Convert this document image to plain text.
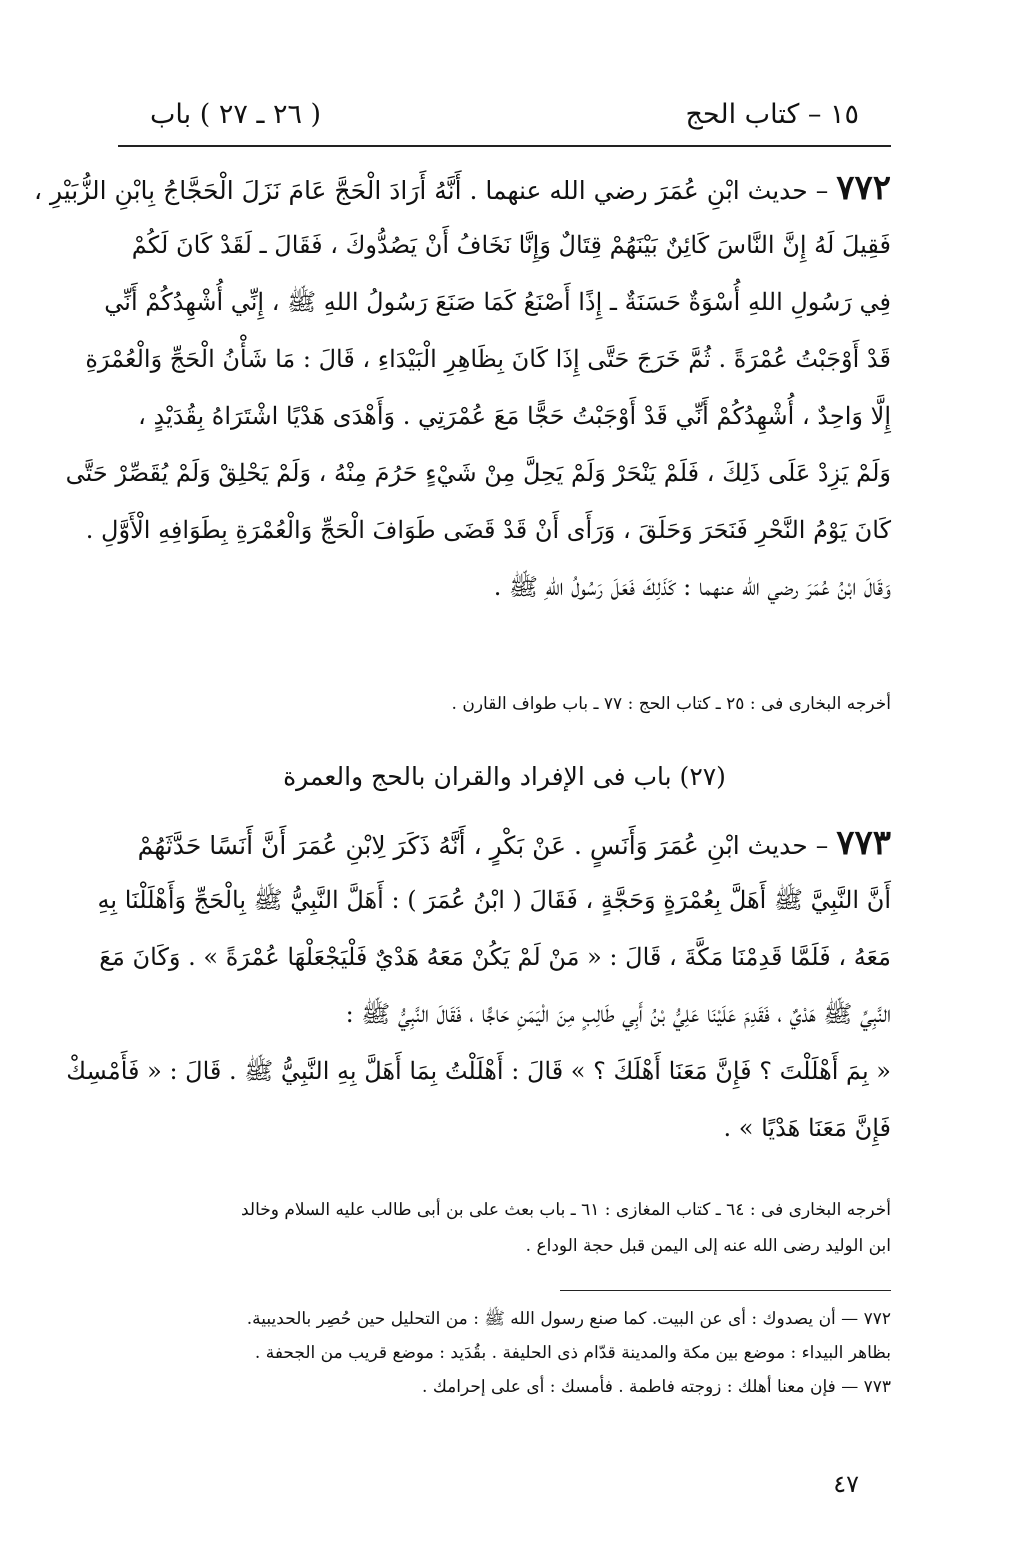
١٥ – كتاب الحج
( ٢٦ ـ ٢٧ ) باب
٧٧٢– حديث ابْنِ عُمَرَ رضي الله عنهما . أَنَّهُ أَرَادَ الْحَجَّ عَامَ نَزَلَ الْحَجَّاجُ بِابْنِ الزُّبَيْرِ ،
فَقِيلَ لَهُ إِنَّ النَّاسَ كَائِنٌ بَيْنَهُمْ قِتَالٌ وَإِنَّا نَخَافُ أَنْ يَصُدُّوكَ ، فَقَالَ ـ لَقَدْ كَانَ لَكُمْ
فِي رَسُولِ اللهِ أُسْوَةٌ حَسَنَةٌ ـ إِذًا أَصْنَعُ كَمَا صَنَعَ رَسُولُ اللهِ ﷺ ، إِنِّي أُشْهِدُكُمْ أَنِّي
قَدْ أَوْجَبْتُ عُمْرَةً . ثُمَّ خَرَجَ حَتَّى إِذَا كَانَ بِظَاهِرِ الْبَيْدَاءِ ، قَالَ : مَا شَأْنُ الْحَجِّ وَالْعُمْرَةِ
إِلَّا وَاحِدٌ ، أُشْهِدُكُمْ أَنِّي قَدْ أَوْجَبْتُ حَجًّا مَعَ عُمْرَتِي . وَأَهْدَى هَدْيًا اشْتَرَاهُ بِقُدَيْدٍ ،
وَلَمْ يَزِدْ عَلَى ذَلِكَ ، فَلَمْ يَنْحَرْ وَلَمْ يَحِلَّ مِنْ شَيْءٍ حَرُمَ مِنْهُ ، وَلَمْ يَحْلِقْ وَلَمْ يُقَصِّرْ حَتَّى
كَانَ يَوْمُ النَّحْرِ فَنَحَرَ وَحَلَقَ ، وَرَأَى أَنْ قَدْ قَضَى طَوَافَ الْحَجِّ وَالْعُمْرَةِ بِطَوَافِهِ الْأَوَّلِ .
وَقَالَ ابْنُ عُمَرَ رضي الله عنهما : كَذَلِكَ فَعَلَ رَسُولُ اللهِ ﷺ .
أخرجه البخارى فى : ٢٥ ـ كتاب الحج : ٧٧ ـ باب طواف القارن .
(٢٧) باب فى الإفراد والقران بالحج والعمرة
٧٧٣– حديث ابْنِ عُمَرَ وَأَنَسٍ . عَنْ بَكْرٍ ، أَنَّهُ ذَكَرَ لِابْنِ عُمَرَ أَنَّ أَنَسًا حَدَّثَهُمْ
أَنَّ النَّبِيَّ ﷺ أَهَلَّ بِعُمْرَةٍ وَحَجَّةٍ ، فَقَالَ ( ابْنُ عُمَرَ ) : أَهَلَّ النَّبِيُّ ﷺ بِالْحَجِّ وَأَهْلَلْنَا بِهِ
مَعَهُ ، فَلَمَّا قَدِمْنَا مَكَّةَ ، قَالَ : « مَنْ لَمْ يَكُنْ مَعَهُ هَدْيٌ فَلْيَجْعَلْهَا عُمْرَةً » . وَكَانَ مَعَ
النَّبِيِّ ﷺ هَدْيٌ ، فَقَدِمَ عَلَيْنَا عَلِيُّ بْنُ أَبِي طَالِبٍ مِنَ الْيَمَنِ حَاجًّا ، فَقَالَ النَّبِيُّ ﷺ :
« بِمَ أَهْلَلْتَ ؟ فَإِنَّ مَعَنَا أَهْلَكَ ؟ » قَالَ : أَهْلَلْتُ بِمَا أَهَلَّ بِهِ النَّبِيُّ ﷺ . قَالَ : « فَأَمْسِكْ
فَإِنَّ مَعَنَا هَدْيًا » .
أخرجه البخارى فى : ٦٤ ـ كتاب المغازى : ٦١ ـ باب بعث على بن أبى طالب عليه السلام وخالد
ابن الوليد رضى الله عنه إلى اليمن قبل حجة الوداع .
٧٧٢ — أن يصدوك : أى عن البيت. كما صنع رسول الله ﷺ : من التحليل حين حُصِر بالحديبية.
بظاهر البيداء : موضع بين مكة والمدينة قدّام ذى الحليفة . بقُدَيد : موضع قريب من الجحفة .
٧٧٣ — فإن معنا أهلك : زوجته فاطمة . فأمسك : أى على إحرامك .
٤٧
